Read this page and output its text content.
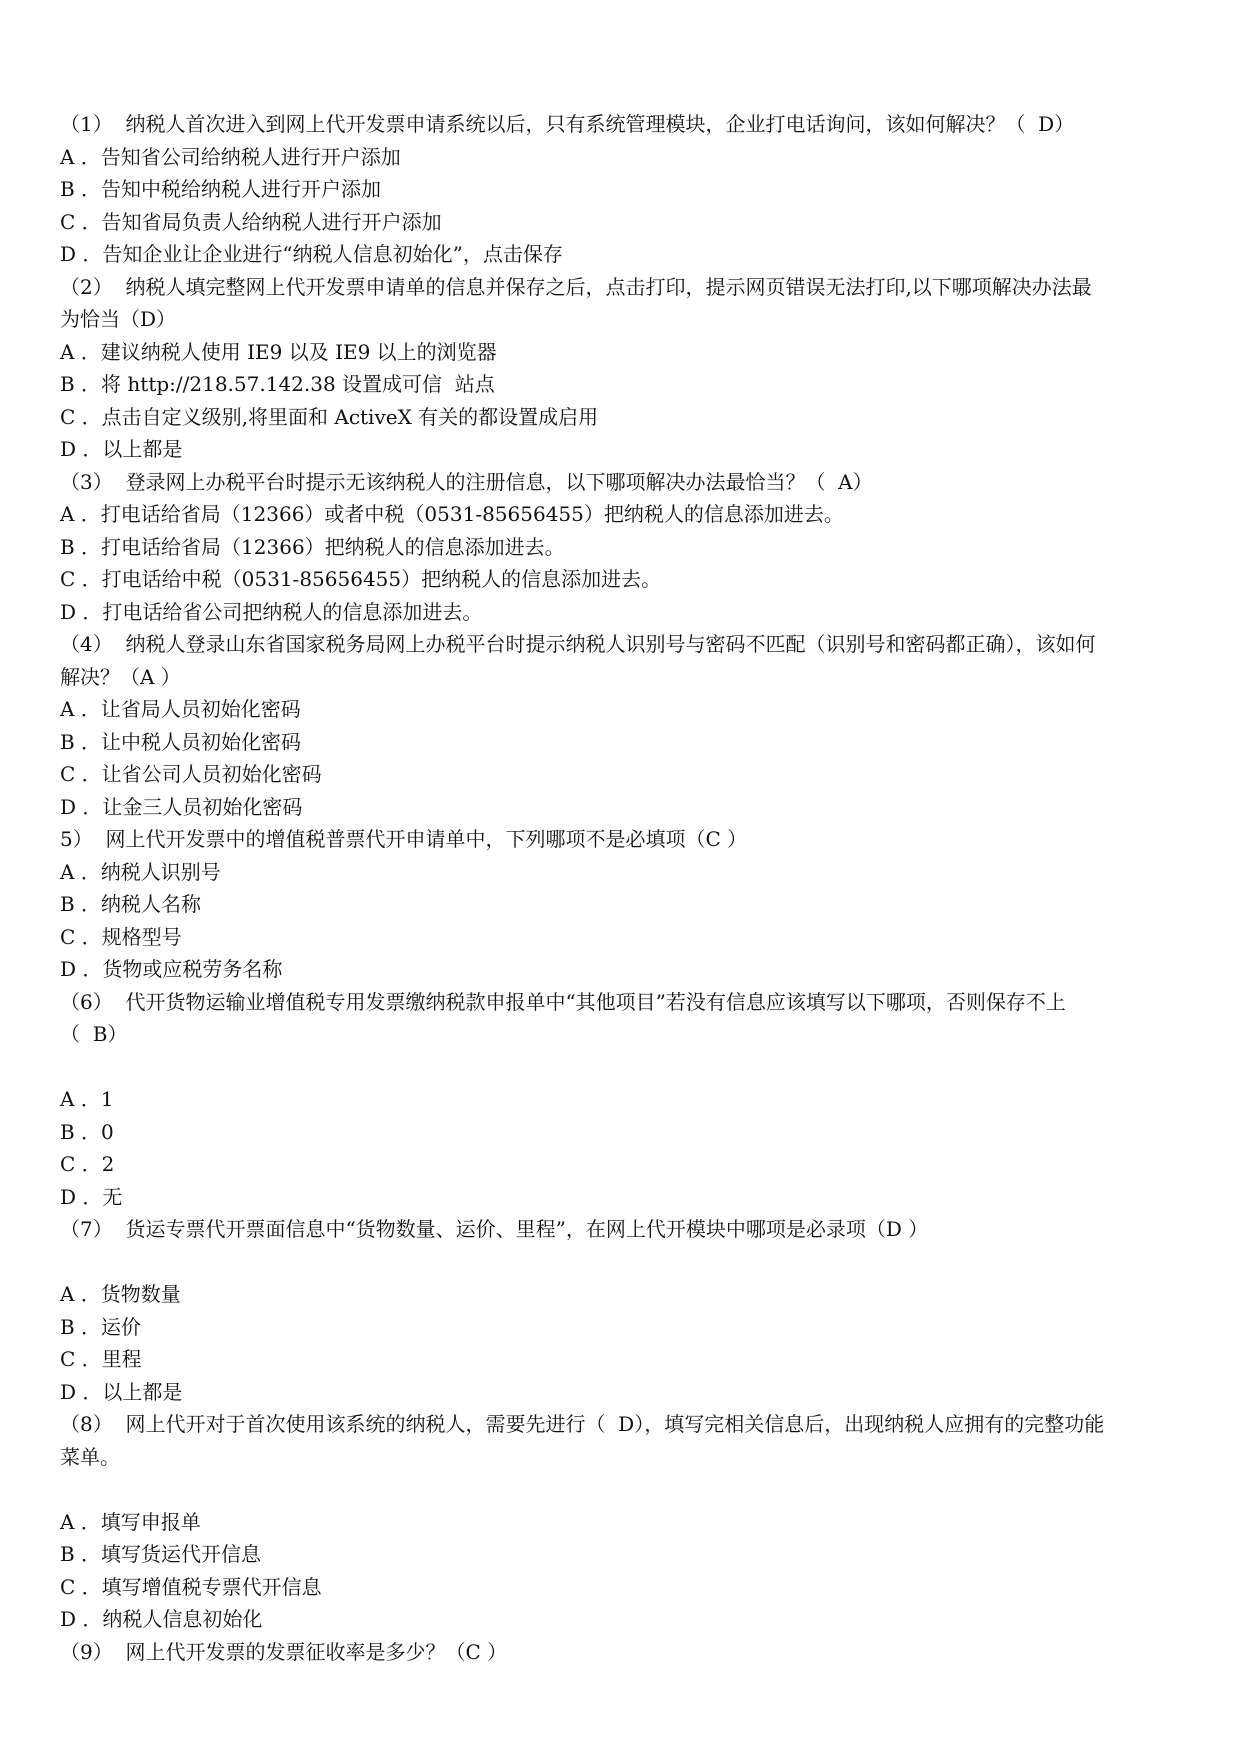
（1）  纳税人首次进入到网上代开发票申请系统以后，只有系统管理模块，企业打电话询问，该如何解决？（  D）
A ．告知省公司给纳税人进行开户添加
B ．告知中税给纳税人进行开户添加
C ．告知省局负责人给纳税人进行开户添加
D ．告知企业让企业进行“纳税人信息初始化”，点击保存
（2）  纳税人填完整网上代开发票申请单的信息并保存之后，点击打印，提示网页错误无法打印,以下哪项解决办法最
为恰当（D）
A ．建议纳税人使用 IE9 以及 IE9 以上的浏览器
B ．将 http://218.57.142.38 设置成可信  站点
C ．点击自定义级别,将里面和 ActiveX 有关的都设置成启用
D ．以上都是
（3）  登录网上办税平台时提示无该纳税人的注册信息，以下哪项解决办法最恰当？（  A）
A ．打电话给省局（12366）或者中税（0531-85656455）把纳税人的信息添加进去。
B ．打电话给省局（12366）把纳税人的信息添加进去。
C ．打电话给中税（0531-85656455）把纳税人的信息添加进去。
D ．打电话给省公司把纳税人的信息添加进去。
（4）  纳税人登录山东省国家税务局网上办税平台时提示纳税人识别号与密码不匹配（识别号和密码都正确），该如何
解决？（A ）
A ．让省局人员初始化密码
B ．让中税人员初始化密码
C ．让省公司人员初始化密码
D ．让金三人员初始化密码
5）  网上代开发票中的增值税普票代开申请单中，下列哪项不是必填项（C ）
A ．纳税人识别号
B ．纳税人名称
C ．规格型号
D ．货物或应税劳务名称
（6）  代开货物运输业增值税专用发票缴纳税款申报单中“其他项目”若没有信息应该填写以下哪项，否则保存不上
（  B）
A ．1
B ．0
C ．2
D ．无
（7）  货运专票代开票面信息中“货物数量、运价、里程”，在网上代开模块中哪项是必录项（D ）
A ．货物数量
B ．运价
C ．里程
D ．以上都是
（8）  网上代开对于首次使用该系统的纳税人，需要先进行（  D），填写完相关信息后，出现纳税人应拥有的完整功能
菜单。
A ．填写申报单
B ．填写货运代开信息
C ．填写增值税专票代开信息
D ．纳税人信息初始化
（9）  网上代开发票的发票征收率是多少？（C ）
